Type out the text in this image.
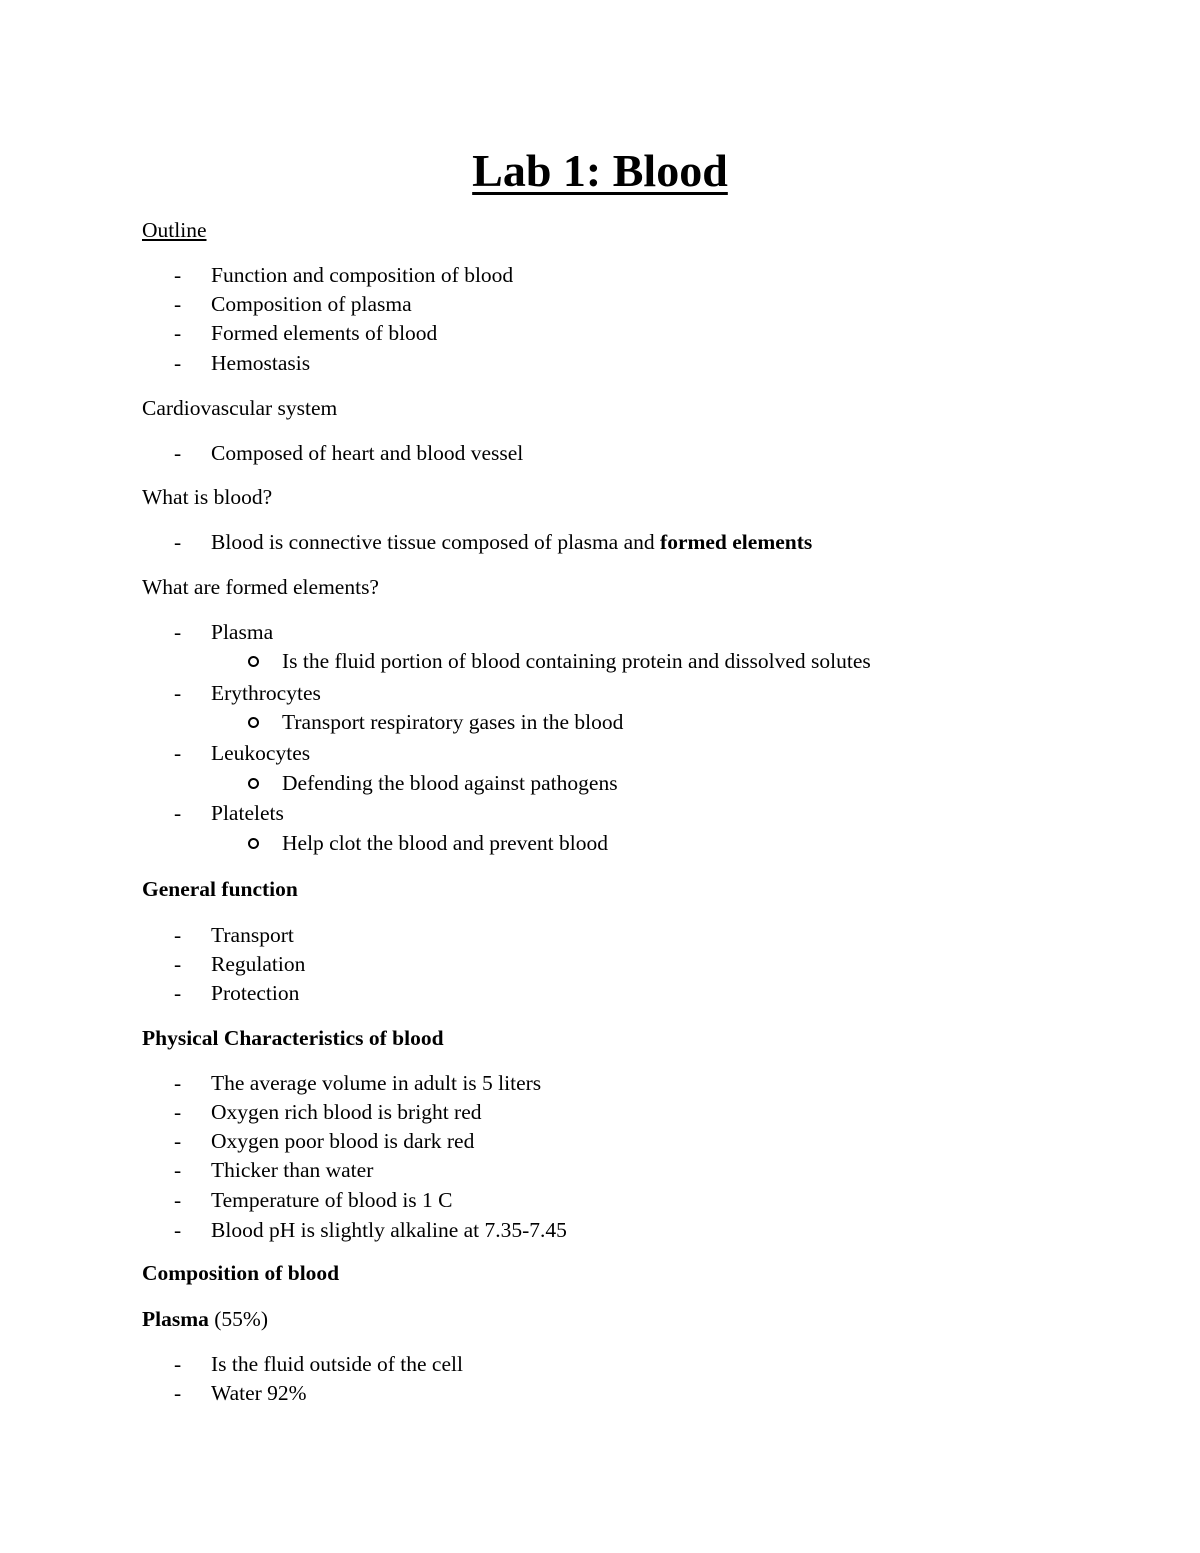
Lab 1: Blood
Outline
- Function and composition of blood
- Composition of plasma
- Formed elements of blood
- Hemostasis
Cardiovascular system
- Composed of heart and blood vessel
What is blood?
- Blood is connective tissue composed of plasma and formed elements
What are formed elements?
- Plasma
Is the fluid portion of blood containing protein and dissolved solutes
- Erythrocytes
Transport respiratory gases in the blood
- Leukocytes
Defending the blood against pathogens
- Platelets
Help clot the blood and prevent blood
General function
- Transport
- Regulation
- Protection
Physical Characteristics of blood
- The average volume in adult is 5 liters
- Oxygen rich blood is bright red
- Oxygen poor blood is dark red
- Thicker than water
- Temperature of blood is 1 C
- Blood pH is slightly alkaline at 7.35-7.45
Composition of blood
Plasma (55%)
- Is the fluid outside of the cell
- Water 92%
